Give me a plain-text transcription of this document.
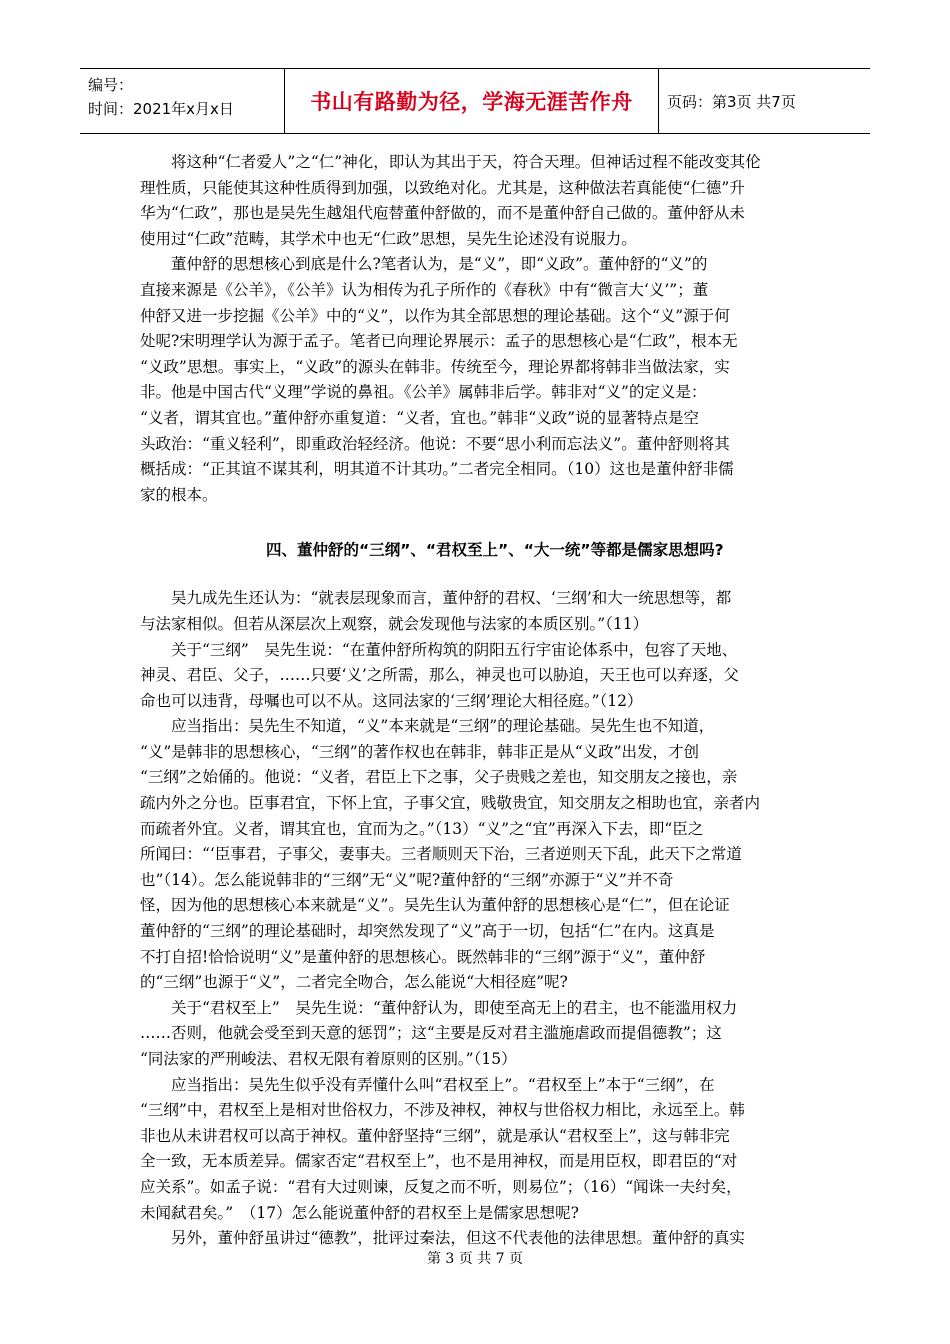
编号：
时间：2021年x月x日	书山有路勤为径，学海无涯苦作舟	页码：第3页 共7页

将这种“仁者爱人”之“仁”神化，即认为其出于天，符合天理。但神话过程不能改变其伦
理性质，只能使其这种性质得到加强，以致绝对化。尤其是，这种做法若真能使“仁德”升
华为“仁政”，那也是吴先生越俎代庖替董仲舒做的，而不是董仲舒自己做的。董仲舒从未
使用过“仁政”范畴，其学术中也无“仁政”思想，吴先生论述没有说服力。

董仲舒的思想核心到底是什么?笔者认为，是“义”，即“义政”。董仲舒的“义”的
直接来源是《公羊》，《公羊》认为相传为孔子所作的《春秋》中有“微言大‘义’”；董
仲舒又进一步挖掘《公羊》中的“义”，以作为其全部思想的理论基础。这个“义”源于何
处呢?宋明理学认为源于孟子。笔者已向理论界展示：孟子的思想核心是“仁政”，根本无
“义政”思想。事实上，“义政”的源头在韩非。传统至今，理论界都将韩非当做法家，实
非。他是中国古代“义理”学说的鼻祖。《公羊》属韩非后学。韩非对“义”的定义是：
“义者，谓其宜也。”董仲舒亦重复道：“义者，宜也。”韩非“义政”说的显著特点是空
头政治：“重义轻利”，即重政治轻经济。他说：不要“思小利而忘法义”。董仲舒则将其
概括成：“正其谊不谋其利，明其道不计其功。”二者完全相同。（10）这也是董仲舒非儒
家的根本。

四、董仲舒的“三纲”、“君权至上”、“大一统”等都是儒家思想吗?

吴九成先生还认为：“就表层现象而言，董仲舒的君权、‘三纲’和大一统思想等，都
与法家相似。但若从深层次上观察，就会发现他与法家的本质区别。”（11）

关于“三纲”　吴先生说：“在董仲舒所构筑的阴阳五行宇宙论体系中，包容了天地、
神灵、君臣、父子，……只要‘义’之所需，那么，神灵也可以胁迫，天王也可以弃逐，父
命也可以违背，母嘱也可以不从。这同法家的‘三纲’理论大相径庭。”（12）

应当指出：吴先生不知道，“义”本来就是“三纲”的理论基础。吴先生也不知道，
“义”是韩非的思想核心，“三纲”的著作权也在韩非，韩非正是从“义政”出发，才创
“三纲”之始俑的。他说：“义者，君臣上下之事，父子贵贱之差也，知交朋友之接也，亲
疏内外之分也。臣事君宜，下怀上宜，子事父宜，贱敬贵宜，知交朋友之相助也宜，亲者内
而疏者外宜。义者，谓其宜也，宜而为之。”（13）“义”之“宜”再深入下去，即“臣之
所闻曰：“‘臣事君，子事父，妻事夫。三者顺则天下治，三者逆则天下乱，此天下之常道
也”（14）。怎么能说韩非的“三纲”无“义”呢?董仲舒的“三纲”亦源于“义”并不奇
怪，因为他的思想核心本来就是“义”。吴先生认为董仲舒的思想核心是“仁”，但在论证
董仲舒的“三纲”的理论基础时，却突然发现了“义”高于一切，包括“仁”在内。这真是
不打自招!恰恰说明“义”是董仲舒的思想核心。既然韩非的“三纲”源于“义”，董仲舒
的“三纲”也源于“义”，二者完全吻合，怎么能说“大相径庭”呢?

关于“君权至上”　吴先生说：“董仲舒认为，即使至高无上的君主，也不能滥用权力
……否则，他就会受至到天意的惩罚”；这“主要是反对君主滥施虐政而提倡德教”；这
“同法家的严刑峻法、君权无限有着原则的区别。”（15）

应当指出：吴先生似乎没有弄懂什么叫“君权至上”。“君权至上”本于“三纲”，在
“三纲”中，君权至上是相对世俗权力，不涉及神权，神权与世俗权力相比，永远至上。韩
非也从未讲君权可以高于神权。董仲舒坚持“三纲”，就是承认“君权至上”，这与韩非完
全一致，无本质差异。儒家否定“君权至上”，也不是用神权，而是用臣权，即君臣的“对
应关系”。如孟子说：“君有大过则谏，反复之而不听，则易位”；（16）“闻诛一夫纣矣，
未闻弑君矣。”　（17）怎么能说董仲舒的君权至上是儒家思想呢?

另外，董仲舒虽讲过“德教”，批评过秦法，但这不代表他的法律思想。董仲舒的真实

第 3 页 共 7 页
